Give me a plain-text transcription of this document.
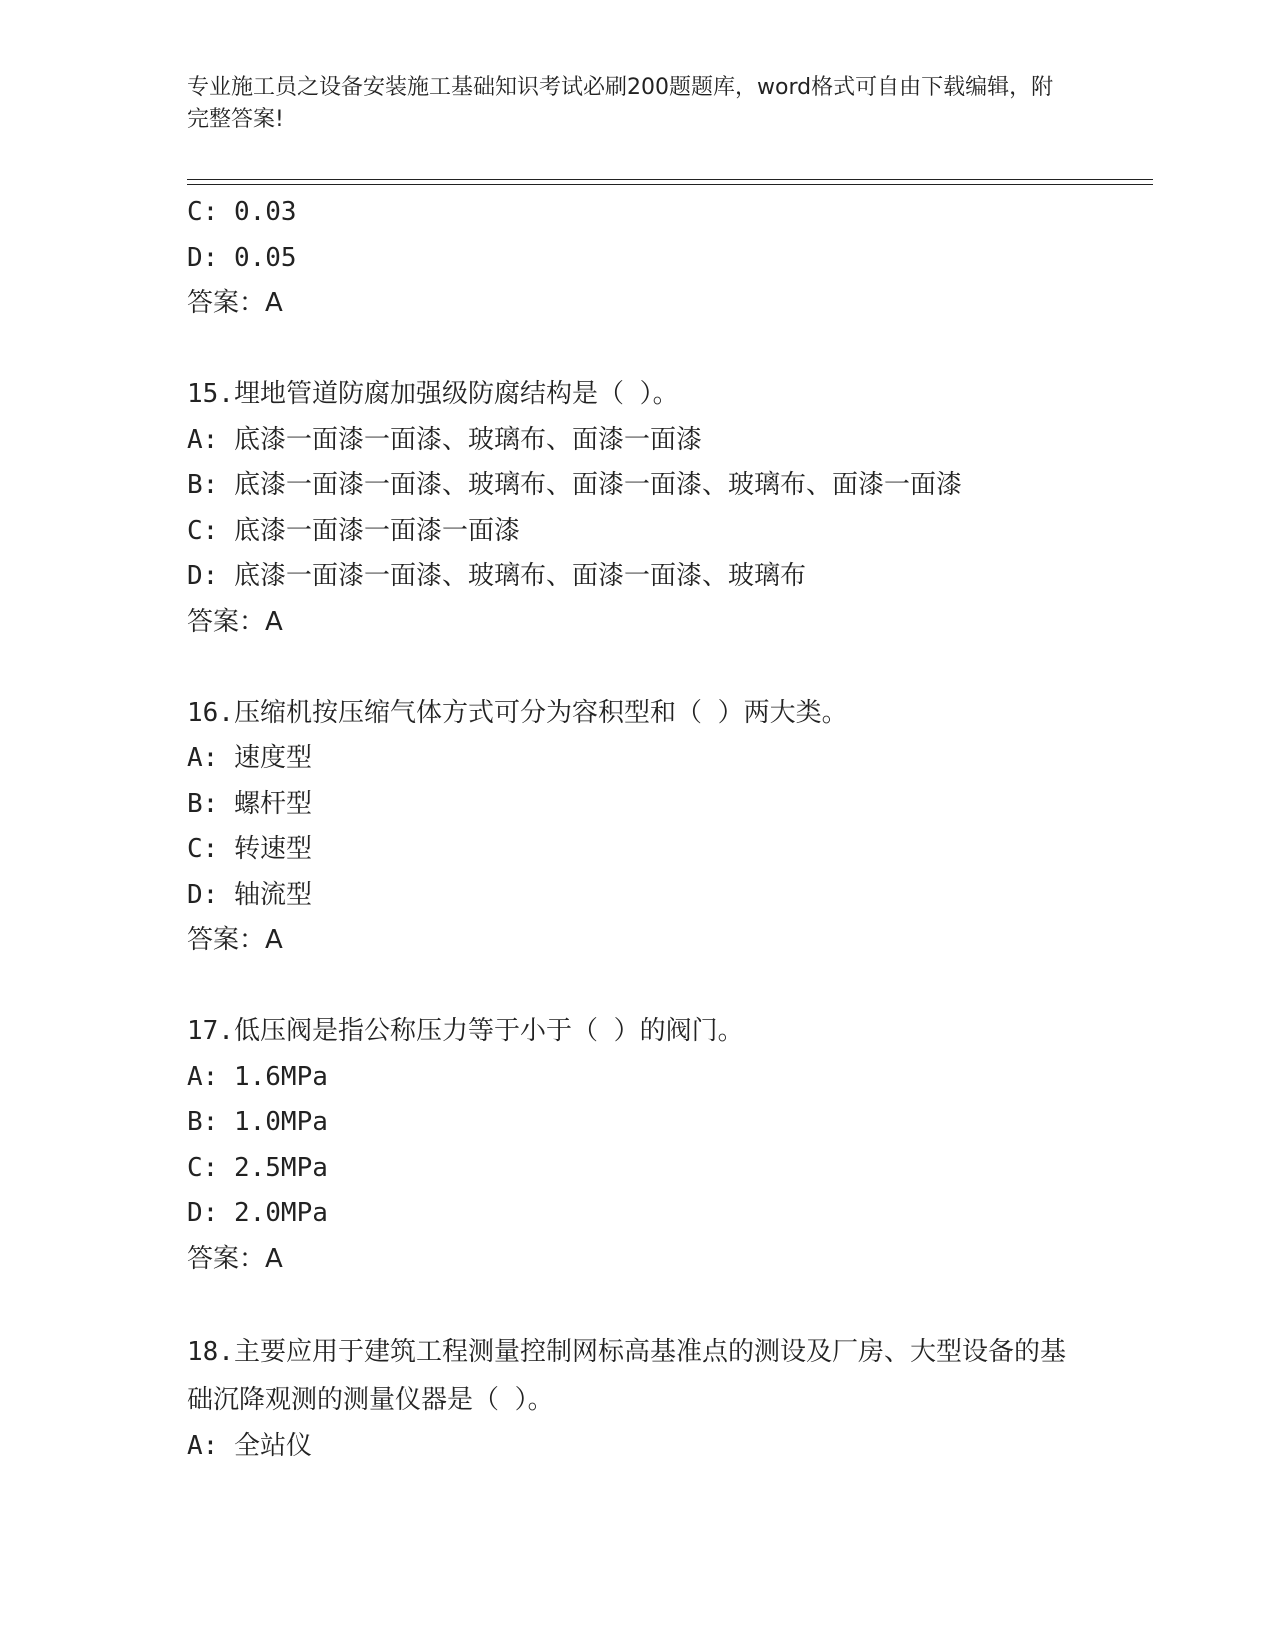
专业施工员之设备安装施工基础知识考试必刷200题题库，word格式可自由下载编辑，附完整答案!
C: 0.03
D: 0.05
答案：A
15.埋地管道防腐加强级防腐结构是（ ）。
A: 底漆一面漆一面漆、玻璃布、面漆一面漆
B: 底漆一面漆一面漆、玻璃布、面漆一面漆、玻璃布、面漆一面漆
C: 底漆一面漆一面漆一面漆
D: 底漆一面漆一面漆、玻璃布、面漆一面漆、玻璃布
答案：A
16.压缩机按压缩气体方式可分为容积型和（ ）两大类。
A: 速度型
B: 螺杆型
C: 转速型
D: 轴流型
答案：A
17.低压阀是指公称压力等于小于（ ）的阀门。
A: 1.6MPa
B: 1.0MPa
C: 2.5MPa
D: 2.0MPa
答案：A
18.主要应用于建筑工程测量控制网标高基准点的测设及厂房、大型设备的基础沉降观测的测量仪器是（ ）。
A: 全站仪
